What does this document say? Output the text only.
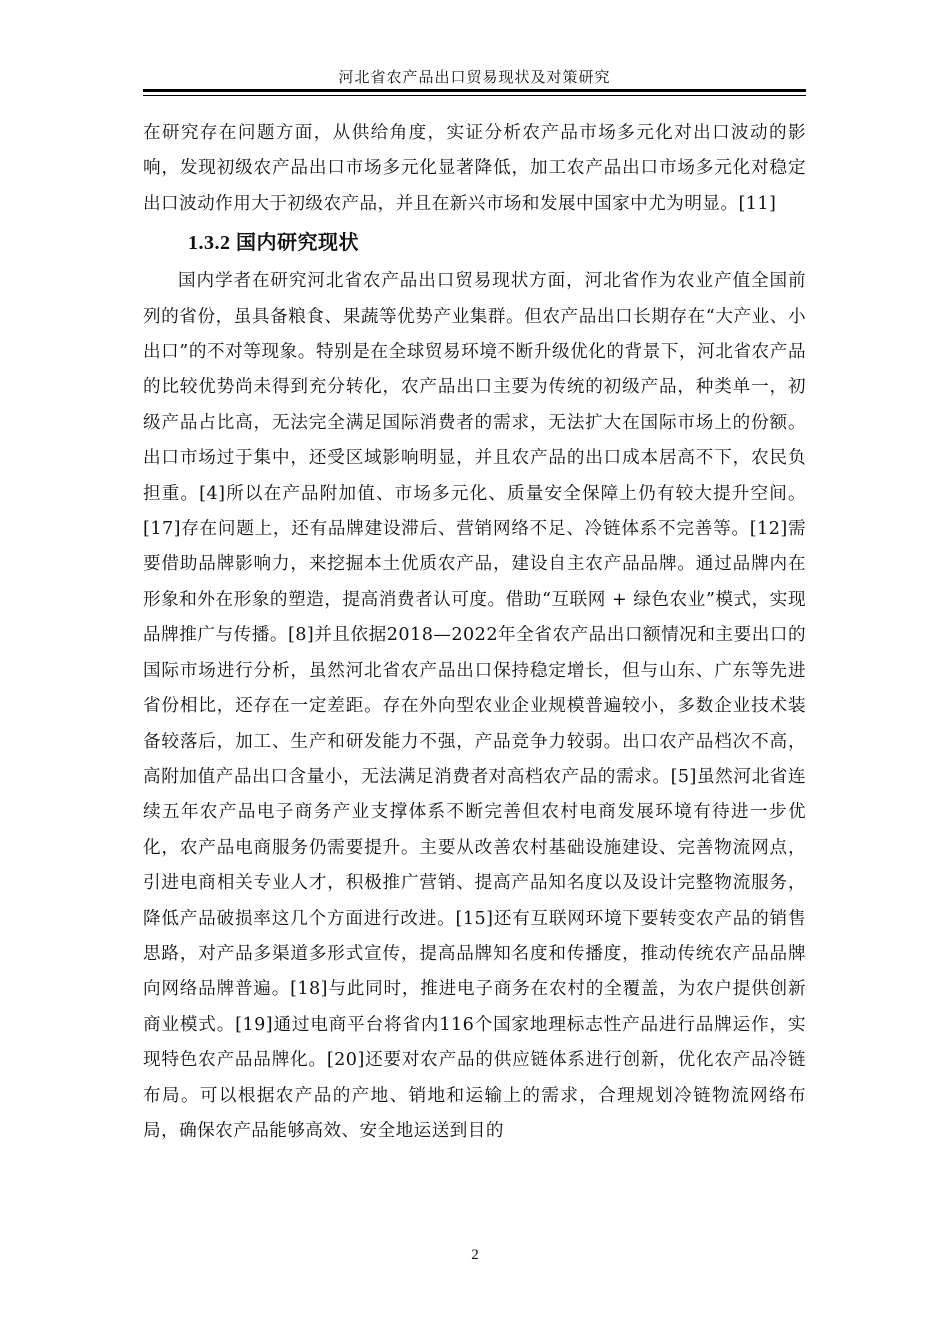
河北省农产品出口贸易现状及对策研究

在研究存在问题方面，从供给角度，实证分析农产品市场多元化对出口波动的影响，发现初级农产品出口市场多元化显著降低，加工农产品出口市场多元化对稳定出口波动作用大于初级农产品，并且在新兴市场和发展中国家中尤为明显。[11]

1.3.2 国内研究现状

国内学者在研究河北省农产品出口贸易现状方面，河北省作为农业产值全国前列的省份，虽具备粮食、果蔬等优势产业集群。但农产品出口长期存在“大产业、小出口”的不对等现象。特别是在全球贸易环境不断升级优化的背景下，河北省农产品的比较优势尚未得到充分转化，农产品出口主要为传统的初级产品，种类单一，初级产品占比高，无法完全满足国际消费者的需求，无法扩大在国际市场上的份额。出口市场过于集中，还受区域影响明显，并且农产品的出口成本居高不下，农民负担重。[4]所以在产品附加值、市场多元化、质量安全保障上仍有较大提升空间。[17]存在问题上，还有品牌建设滞后、营销网络不足、冷链体系不完善等。[12]需要借助品牌影响力，来挖掘本土优质农产品，建设自主农产品品牌。通过品牌内在形象和外在形象的塑造，提高消费者认可度。借助“互联网 + 绿色农业”模式，实现品牌推广与传播。[8]并且依据2018—2022年全省农产品出口额情况和主要出口的国际市场进行分析，虽然河北省农产品出口保持稳定增长，但与山东、广东等先进省份相比，还存在一定差距。存在外向型农业企业规模普遍较小，多数企业技术装备较落后，加工、生产和研发能力不强，产品竞争力较弱。出口农产品档次不高，高附加值产品出口含量小，无法满足消费者对高档农产品的需求。[5]虽然河北省连续五年农产品电子商务产业支撑体系不断完善但农村电商发展环境有待进一步优化，农产品电商服务仍需要提升。主要从改善农村基础设施建设、完善物流网点，引进电商相关专业人才，积极推广营销、提高产品知名度以及设计完整物流服务，降低产品破损率这几个方面进行改进。[15]还有互联网环境下要转变农产品的销售思路，对产品多渠道多形式宣传，提高品牌知名度和传播度，推动传统农产品品牌向网络品牌普遍。[18]与此同时，推进电子商务在农村的全覆盖，为农户提供创新商业模式。[19]通过电商平台将省内116个国家地理标志性产品进行品牌运作，实现特色农产品品牌化。[20]还要对农产品的供应链体系进行创新，优化农产品冷链布局。可以根据农产品的产地、销地和运输上的需求，合理规划冷链物流网络布局，确保农产品能够高效、安全地运送到目的

2
